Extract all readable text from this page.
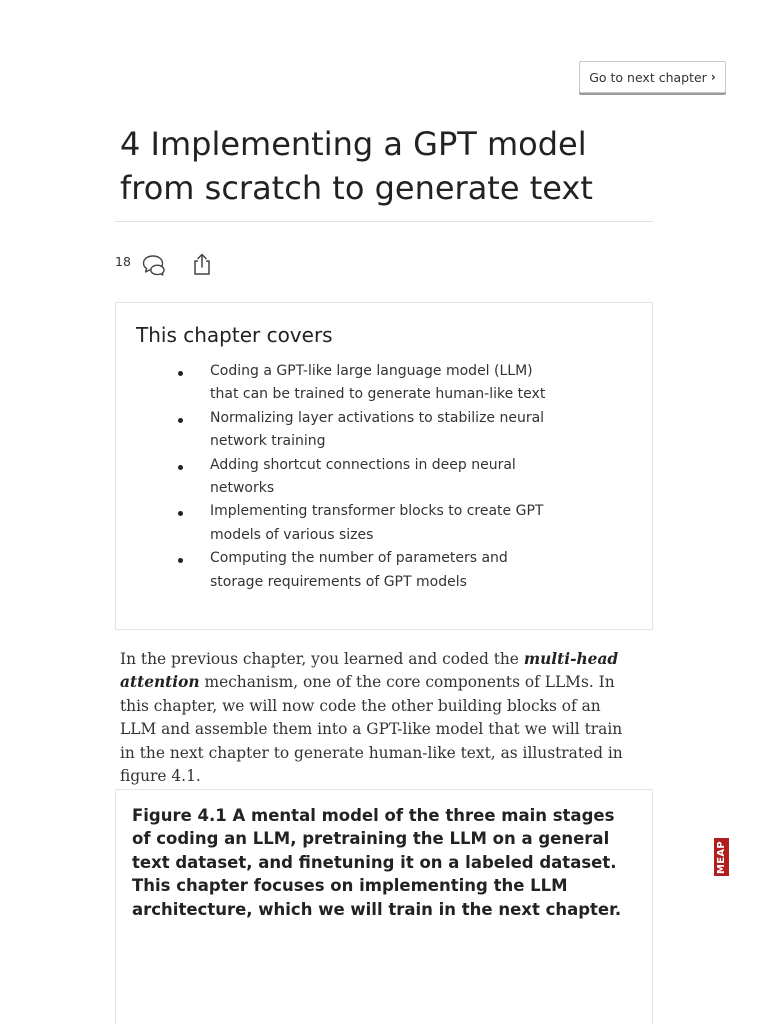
Go to next chapter ›
4 Implementing a GPT model from scratch to generate text
18
This chapter covers
Coding a GPT-like large language model (LLM) that can be trained to generate human-like text
Normalizing layer activations to stabilize neural network training
Adding shortcut connections in deep neural networks
Implementing transformer blocks to create GPT models of various sizes
Computing the number of parameters and storage requirements of GPT models

In the previous chapter, you learned and coded the multi-head attention mechanism, one of the core components of LLMs. In this chapter, we will now code the other building blocks of an LLM and assemble them into a GPT-like model that we will train in the next chapter to generate human-like text, as illustrated in figure 4.1.

Figure 4.1 A mental model of the three main stages of coding an LLM, pretraining the LLM on a general text dataset, and finetuning it on a labeled dataset. This chapter focuses on implementing the LLM architecture, which we will train in the next chapter.

MEAP
